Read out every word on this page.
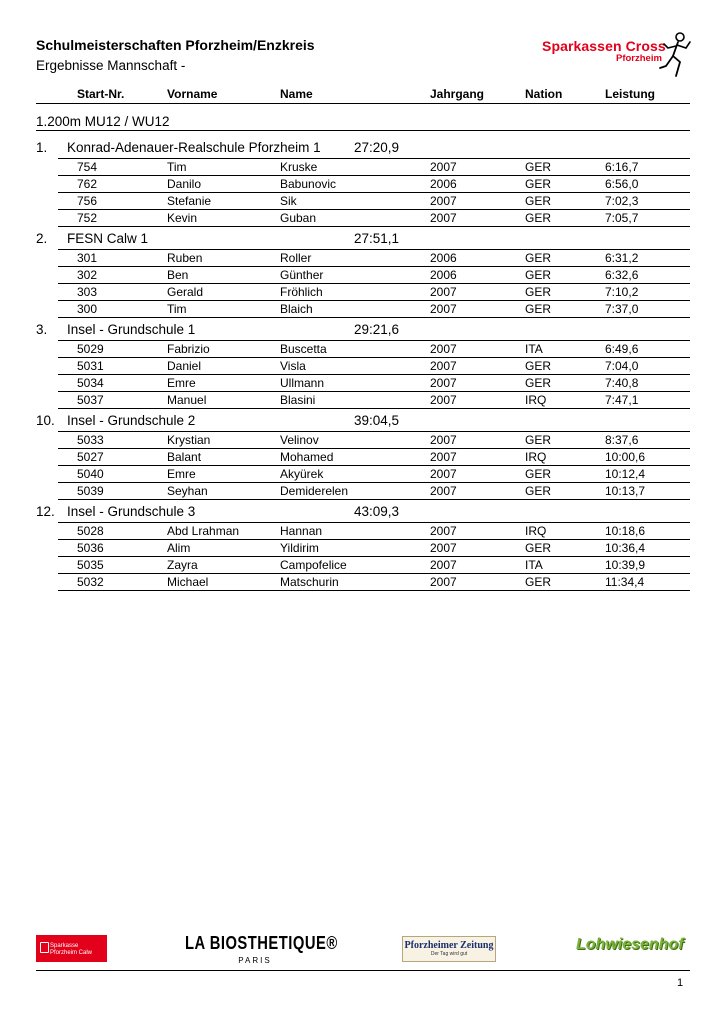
Schulmeisterschaften Pforzheim/Enzkreis
Ergebnisse Mannschaft -
Sparkassen Cross
Pforzheim
Start-Nr.	Vorname	Name	Jahrgang	Nation	Leistung
1.200m MU12 / WU12
1. Konrad-Adenauer-Realschule Pforzheim 1 27:20,9
754	Tim	Kruske	2007	GER	6:16,7
762	Danilo	Babunovic	2006	GER	6:56,0
756	Stefanie	Sik	2007	GER	7:02,3
752	Kevin	Guban	2007	GER	7:05,7
2. FESN Calw 1	27:51,1
301	Ruben	Roller	2006	GER	6:31,2
302	Ben	Günther	2006	GER	6:32,6
303	Gerald	Fröhlich	2007	GER	7:10,2
300	Tim	Blaich	2007	GER	7:37,0
3. Insel - Grundschule 1	29:21,6
5029	Fabrizio	Buscetta	2007	ITA	6:49,6
5031	Daniel	Visla	2007	GER	7:04,0
5034	Emre	Ullmann	2007	GER	7:40,8
5037	Manuel	Blasini	2007	IRQ	7:47,1
10. Insel - Grundschule 2	39:04,5
5033	Krystian	Velinov	2007	GER	8:37,6
5027	Balant	Mohamed	2007	IRQ	10:00,6
5040	Emre	Akyürek	2007	GER	10:12,4
5039	Seyhan	Demiderelen	2007	GER	10:13,7
12. Insel - Grundschule 3	43:09,3
5028	Abd Lrahman	Hannan	2007	IRQ	10:18,6
5036	Alim	Yildirim	2007	GER	10:36,4
5035	Zayra	Campofelice	2007	ITA	10:39,9
5032	Michael	Matschurin	2007	GER	11:34,4
Sparkasse
Pforzheim Calw	LA BIOSTHETIQUE®
PARIS
Pforzheimer Zeitung
Der Tag wird gut
Lohwiesenhof
1
